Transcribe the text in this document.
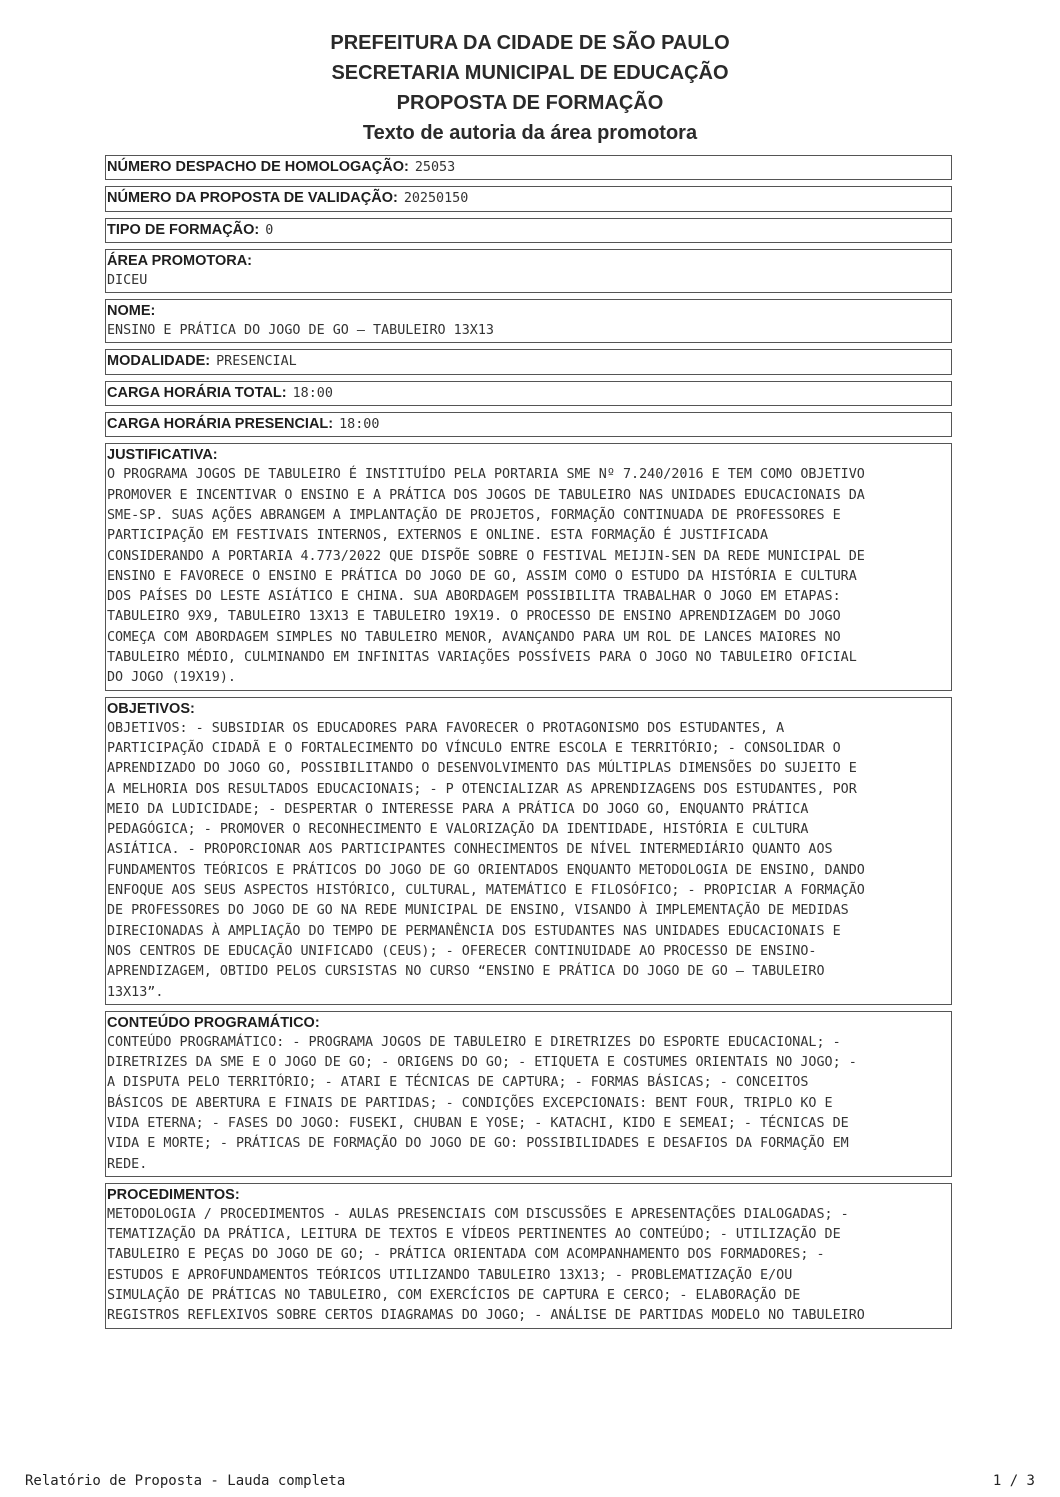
PREFEITURA DA CIDADE DE SÃO PAULO
SECRETARIA MUNICIPAL DE EDUCAÇÃO
PROPOSTA DE FORMAÇÃO
Texto de autoria da área promotora
NÚMERO DESPACHO DE HOMOLOGAÇÃO: 25053
NÚMERO DA PROPOSTA DE VALIDAÇÃO: 20250150
TIPO DE FORMAÇÃO: 0
ÁREA PROMOTORA:
DICEU
NOME:
ENSINO E PRÁTICA DO JOGO DE GO – TABULEIRO 13X13
MODALIDADE: PRESENCIAL
CARGA HORÁRIA TOTAL: 18:00
CARGA HORÁRIA PRESENCIAL: 18:00
JUSTIFICATIVA:
O PROGRAMA JOGOS DE TABULEIRO É INSTITUÍDO PELA PORTARIA SME Nº 7.240/2016 E TEM COMO OBJETIVO
PROMOVER E INCENTIVAR O ENSINO E A PRÁTICA DOS JOGOS DE TABULEIRO NAS UNIDADES EDUCACIONAIS DA
SME-SP. SUAS AÇÕES ABRANGEM A IMPLANTAÇÃO DE PROJETOS, FORMAÇÃO CONTINUADA DE PROFESSORES E
PARTICIPAÇÃO EM FESTIVAIS INTERNOS, EXTERNOS E ONLINE. ESTA FORMAÇÃO É JUSTIFICADA
CONSIDERANDO A PORTARIA 4.773/2022 QUE DISPÕE SOBRE O FESTIVAL MEIJIN-SEN DA REDE MUNICIPAL DE
ENSINO E FAVORECE O ENSINO E PRÁTICA DO JOGO DE GO, ASSIM COMO O ESTUDO DA HISTÓRIA E CULTURA
DOS PAÍSES DO LESTE ASIÁTICO E CHINA. SUA ABORDAGEM POSSIBILITA TRABALHAR O JOGO EM ETAPAS:
TABULEIRO 9X9, TABULEIRO 13X13 E TABULEIRO 19X19. O PROCESSO DE ENSINO APRENDIZAGEM DO JOGO
COMEÇA COM ABORDAGEM SIMPLES NO TABULEIRO MENOR, AVANÇANDO PARA UM ROL DE LANCES MAIORES NO
TABULEIRO MÉDIO, CULMINANDO EM INFINITAS VARIAÇÕES POSSÍVEIS PARA O JOGO NO TABULEIRO OFICIAL
DO JOGO (19X19).
OBJETIVOS:
OBJETIVOS: - SUBSIDIAR OS EDUCADORES PARA FAVORECER O PROTAGONISMO DOS ESTUDANTES, A
PARTICIPAÇÃO CIDADÃ E O FORTALECIMENTO DO VÍNCULO ENTRE ESCOLA E TERRITÓRIO; - CONSOLIDAR O
APRENDIZADO DO JOGO GO, POSSIBILITANDO O DESENVOLVIMENTO DAS MÚLTIPLAS DIMENSÕES DO SUJEITO E
A MELHORIA DOS RESULTADOS EDUCACIONAIS; - P OTENCIALIZAR AS APRENDIZAGENS DOS ESTUDANTES, POR
MEIO DA LUDICIDADE; - DESPERTAR O INTERESSE PARA A PRÁTICA DO JOGO GO, ENQUANTO PRÁTICA
PEDAGÓGICA; - PROMOVER O RECONHECIMENTO E VALORIZAÇÃO DA IDENTIDADE, HISTÓRIA E CULTURA
ASIÁTICA. - PROPORCIONAR AOS PARTICIPANTES CONHECIMENTOS DE NÍVEL INTERMEDIÁRIO QUANTO AOS
FUNDAMENTOS TEÓRICOS E PRÁTICOS DO JOGO DE GO ORIENTADOS ENQUANTO METODOLOGIA DE ENSINO, DANDO
ENFOQUE AOS SEUS ASPECTOS HISTÓRICO, CULTURAL, MATEMÁTICO E FILOSÓFICO; - PROPICIAR A FORMAÇÃO
DE PROFESSORES DO JOGO DE GO NA REDE MUNICIPAL DE ENSINO, VISANDO À IMPLEMENTAÇÃO DE MEDIDAS
DIRECIONADAS À AMPLIAÇÃO DO TEMPO DE PERMANÊNCIA DOS ESTUDANTES NAS UNIDADES EDUCACIONAIS E
NOS CENTROS DE EDUCAÇÃO UNIFICADO (CEUS); - OFERECER CONTINUIDADE AO PROCESSO DE ENSINO-
APRENDIZAGEM, OBTIDO PELOS CURSISTAS NO CURSO “ENSINO E PRÁTICA DO JOGO DE GO – TABULEIRO
13X13”.
CONTEÚDO PROGRAMÁTICO:
CONTEÚDO PROGRAMÁTICO: - PROGRAMA JOGOS DE TABULEIRO E DIRETRIZES DO ESPORTE EDUCACIONAL; -
DIRETRIZES DA SME E O JOGO DE GO; - ORIGENS DO GO; - ETIQUETA E COSTUMES ORIENTAIS NO JOGO; -
A DISPUTA PELO TERRITÓRIO; - ATARI E TÉCNICAS DE CAPTURA; - FORMAS BÁSICAS; - CONCEITOS
BÁSICOS DE ABERTURA E FINAIS DE PARTIDAS; - CONDIÇÕES EXCEPCIONAIS: BENT FOUR, TRIPLO KO E
VIDA ETERNA; - FASES DO JOGO: FUSEKI, CHUBAN E YOSE; - KATACHI, KIDO E SEMEAI; - TÉCNICAS DE
VIDA E MORTE; - PRÁTICAS DE FORMAÇÃO DO JOGO DE GO: POSSIBILIDADES E DESAFIOS DA FORMAÇÃO EM
REDE.
PROCEDIMENTOS:
METODOLOGIA / PROCEDIMENTOS - AULAS PRESENCIAIS COM DISCUSSÕES E APRESENTAÇÕES DIALOGADAS; -
TEMATIZAÇÃO DA PRÁTICA, LEITURA DE TEXTOS E VÍDEOS PERTINENTES AO CONTEÚDO; - UTILIZAÇÃO DE
TABULEIRO E PEÇAS DO JOGO DE GO; - PRÁTICA ORIENTADA COM ACOMPANHAMENTO DOS FORMADORES; -
ESTUDOS E APROFUNDAMENTOS TEÓRICOS UTILIZANDO TABULEIRO 13X13; - PROBLEMATIZAÇÃO E/OU
SIMULAÇÃO DE PRÁTICAS NO TABULEIRO, COM EXERCÍCIOS DE CAPTURA E CERCO; - ELABORAÇÃO DE
REGISTROS REFLEXIVOS SOBRE CERTOS DIAGRAMAS DO JOGO; - ANÁLISE DE PARTIDAS MODELO NO TABULEIRO
Relatório de Proposta - Lauda completa	1 / 3
